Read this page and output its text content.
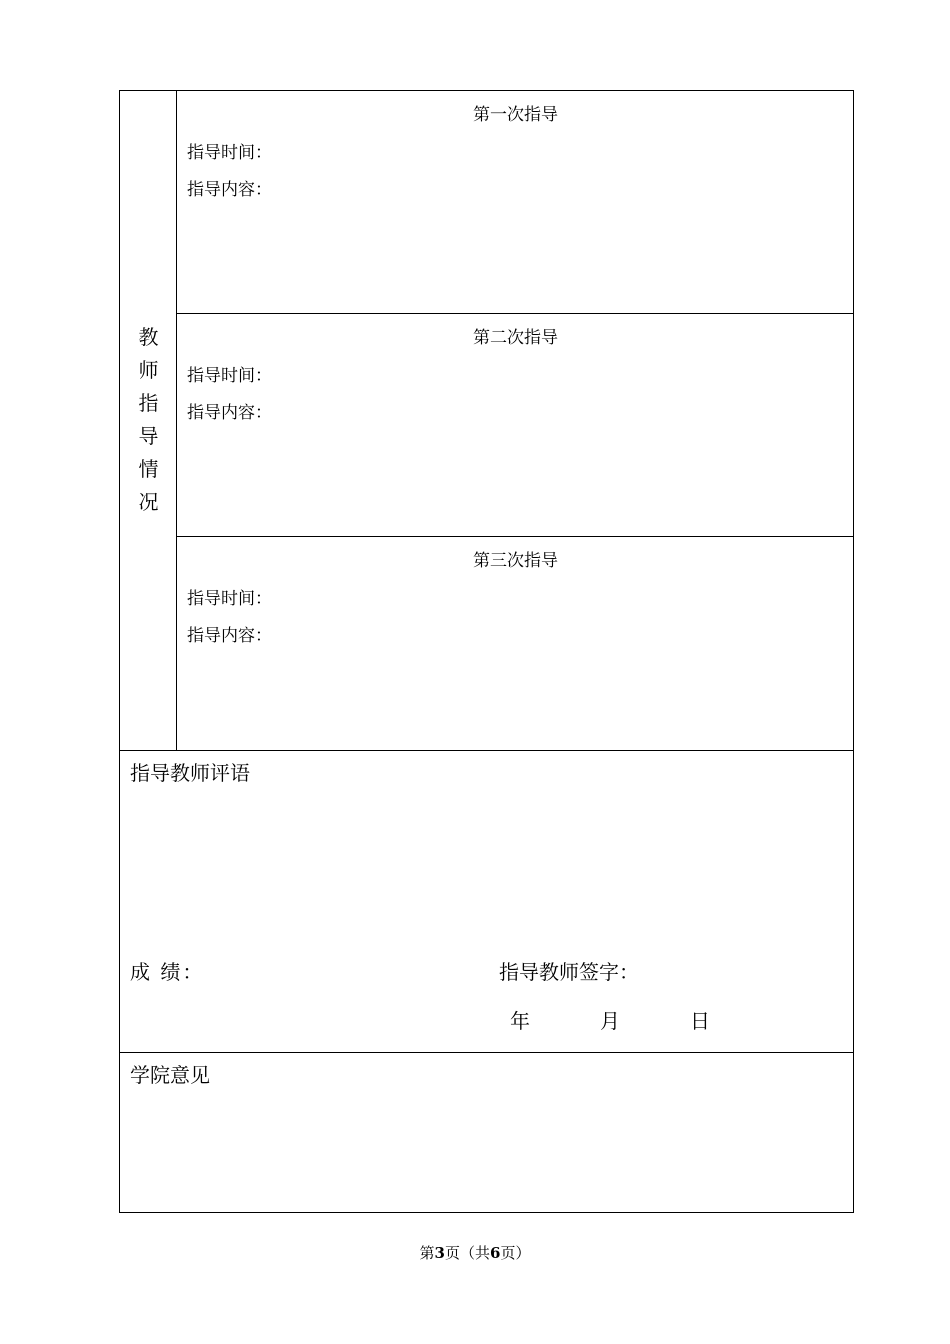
教
师
指
导
情
况
第一次指导
指导时间：
指导内容：
第二次指导
指导时间：
指导内容：
第三次指导
指导时间：
指导内容：
指导教师评语
成 绩：	指导教师签字：
年	月	日
学院意见
第3页（共6页）
